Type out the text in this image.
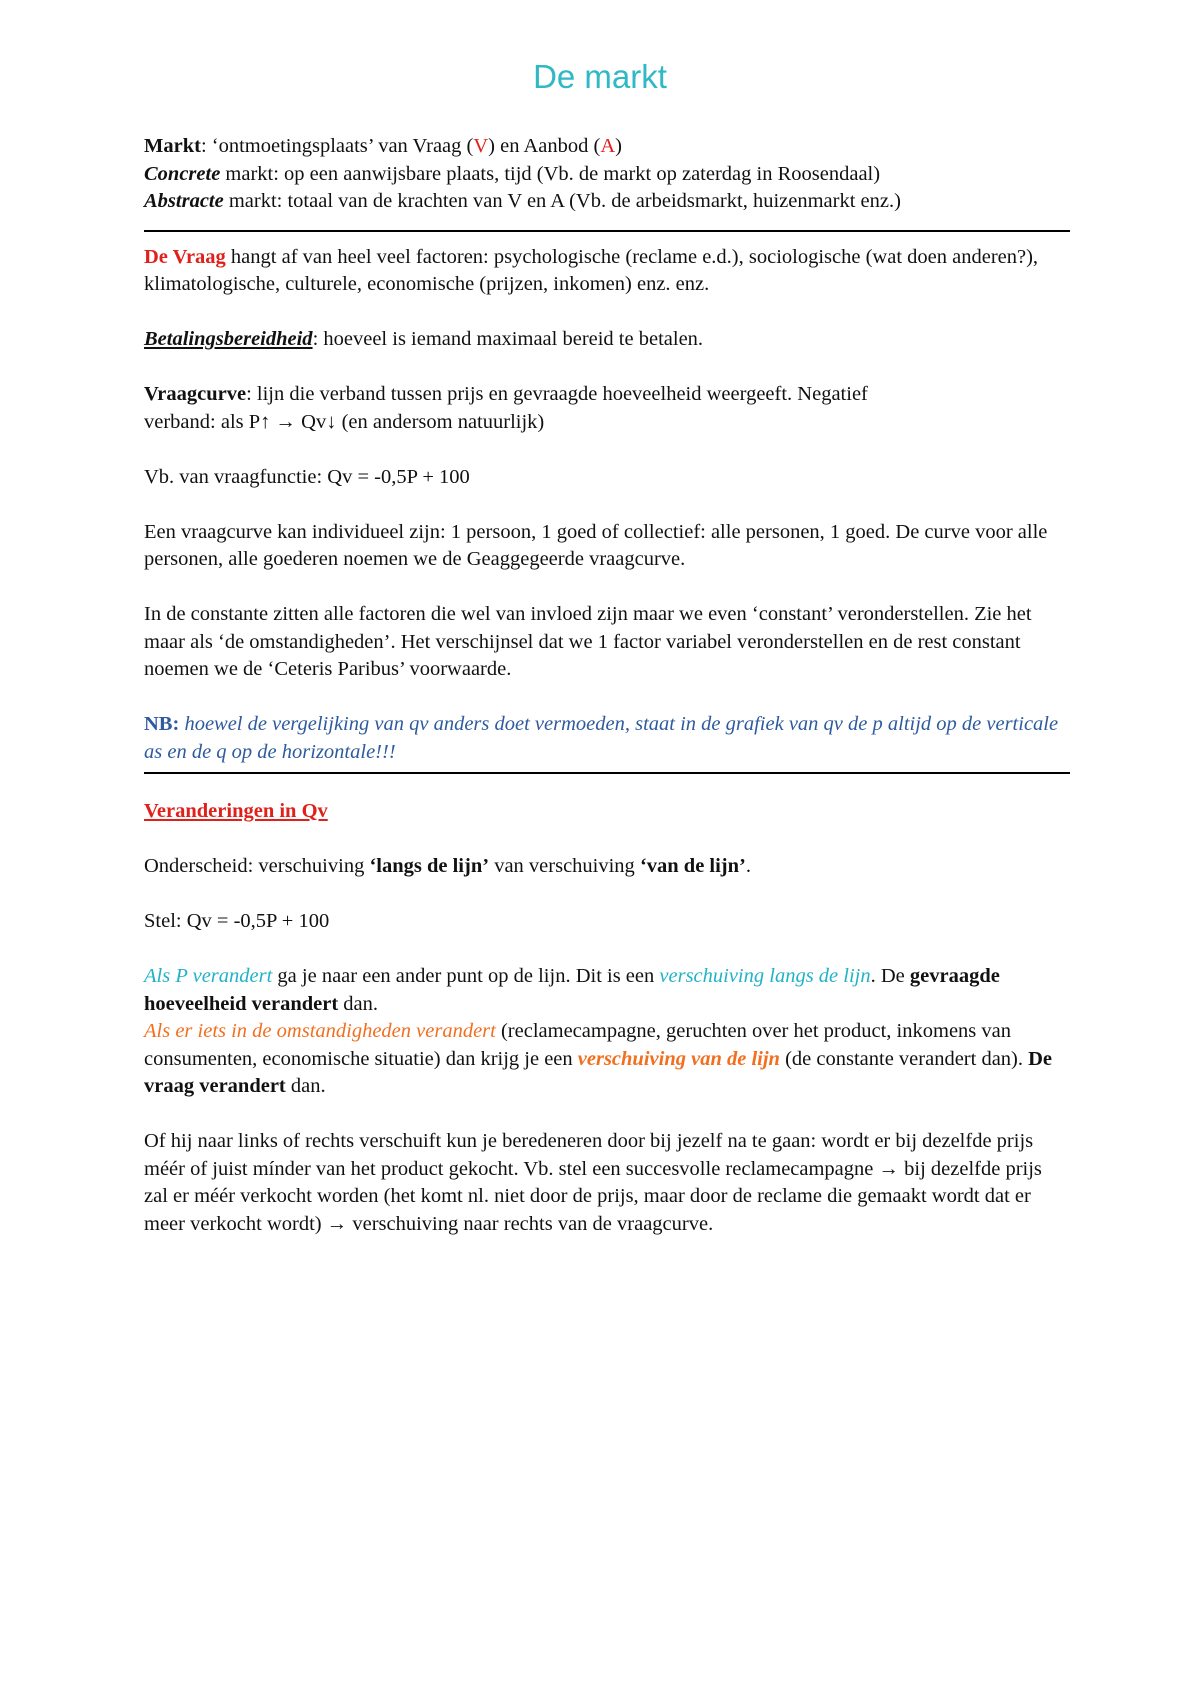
De markt

Markt: ‘ontmoetingsplaats’ van Vraag (V) en Aanbod (A)

Concrete markt: op een aanwijsbare plaats, tijd (Vb. de markt op zaterdag in Roosendaal)

Abstracte markt: totaal van de krachten van V en A (Vb. de arbeidsmarkt, huizenmarkt enz.)

De Vraag hangt af van heel veel factoren: psychologische (reclame e.d.), sociologische (wat doen anderen?), klimatologische, culturele, economische (prijzen, inkomen) enz. enz.

Betalingsbereidheid: hoeveel is iemand maximaal bereid te betalen.

Vraagcurve: lijn die verband tussen prijs en gevraagde hoeveelheid weergeeft. Negatief
verband: als P↑ → Qv↓ (en andersom natuurlijk)

Vb. van vraagfunctie: Qv = -0,5P + 100

Een vraagcurve kan individueel zijn: 1 persoon, 1 goed of collectief: alle personen, 1 goed. De curve voor alle personen, alle goederen noemen we de Geaggegeerde vraagcurve.

In de constante zitten alle factoren die wel van invloed zijn maar we even ‘constant’ veronderstellen. Zie het maar als ‘de omstandigheden’. Het verschijnsel dat we 1 factor variabel veronderstellen en de rest constant noemen we de ‘Ceteris Paribus’ voorwaarde.

NB: hoewel de vergelijking van qv anders doet vermoeden, staat in de grafiek van qv de p altijd op de verticale as en de q op de horizontale!!!

Veranderingen in Qv

Onderscheid: verschuiving ‘langs de lijn’ van verschuiving ‘van de lijn’.

Stel: Qv = -0,5P + 100

Als P verandert ga je naar een ander punt op de lijn. Dit is een verschuiving langs de lijn. De gevraagde hoeveelheid verandert dan.

Als er iets in de omstandigheden verandert (reclamecampagne, geruchten over het product, inkomens van consumenten, economische situatie) dan krijg je een verschuiving van de lijn (de constante verandert dan). De vraag verandert dan.

Of hij naar links of rechts verschuift kun je beredeneren door bij jezelf na te gaan: wordt er bij dezelfde prijs méér of juist mínder van het product gekocht. Vb. stel een succesvolle reclamecampagne → bij dezelfde prijs zal er méér verkocht worden (het komt nl. niet door de prijs, maar door de reclame die gemaakt wordt dat er meer verkocht wordt) → verschuiving naar rechts van de vraagcurve.
